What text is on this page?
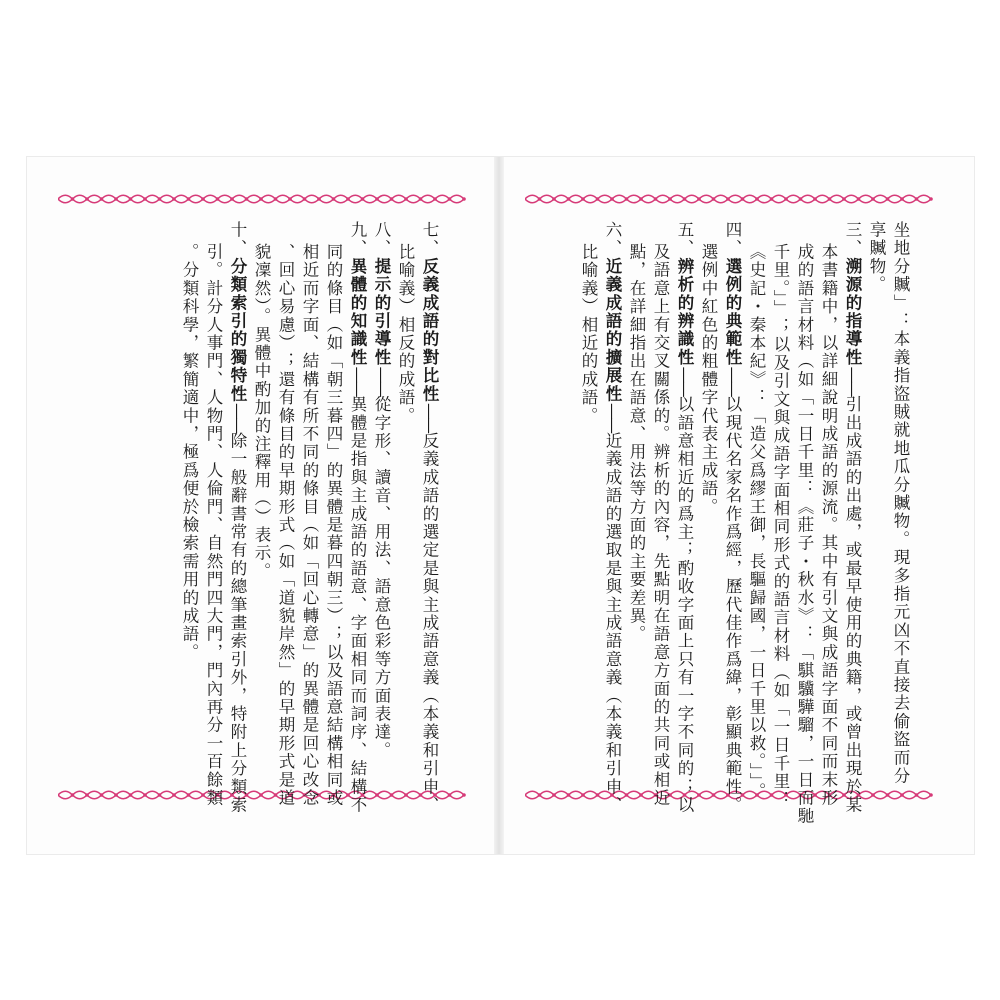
坐地分贓」：本義指盜賊就地瓜分贓物。現多指元凶不直接去偷盜而分
享贓物。
三、溯源的指導性——引出成語的出處，或最早使用的典籍，或曾出現於某
本書籍中，以詳細說明成語的源流。其中有引文與成語字面不同而末形
成的語言材料（如「一日千里：《莊子・秋水》：「騏驥驊騮，一日而馳
千里。」」；以及引文與成語字面相同形式的語言材料（如「一日千里：
《史記・秦本紀》：「造父爲繆王御，長驅歸國，一日千里以救。」」。
四、選例的典範性——以現代名家名作爲經，歷代佳作爲緯，彰顯典範性。
選例中紅色的粗體字代表主成語。
五、辨析的辨識性——以語意相近的爲主；酌收字面上只有一字不同的；以
及語意上有交叉關係的。辨析的內容，先點明在語意方面的共同或相近
點，在詳細指出在語意、用法等方面的主要差異。
六、近義成語的擴展性——近義成語的選取是與主成語意義（本義和引申、
比喻義）相近的成語。
七、反義成語的對比性——反義成語的選定是與主成語意義（本義和引申、
比喻義）相反的成語。
八、提示的引導性——從字形、讀音、用法、語意色彩等方面表達。
九、異體的知識性——異體是指與主成語的語意、字面相同而詞序、結構不
同的條目（如「朝三暮四」的異體是暮四朝三）；以及語意結構相同或
相近而字面、結構有所不同的條目（如「回心轉意」的異體是回心改念
、回心易慮）；還有條目的早期形式（如「道貌岸然」的早期形式是道
貌凜然）。異體中酌加的注釋用（）表示。
十、分類索引的獨特性——除一般辭書常有的總筆畫索引外，特附上分類索
引。計分人事門、人物門、人倫門、自然門四大門，門內再分一百餘類
。分類科學，繁簡適中，極爲便於檢索需用的成語。
